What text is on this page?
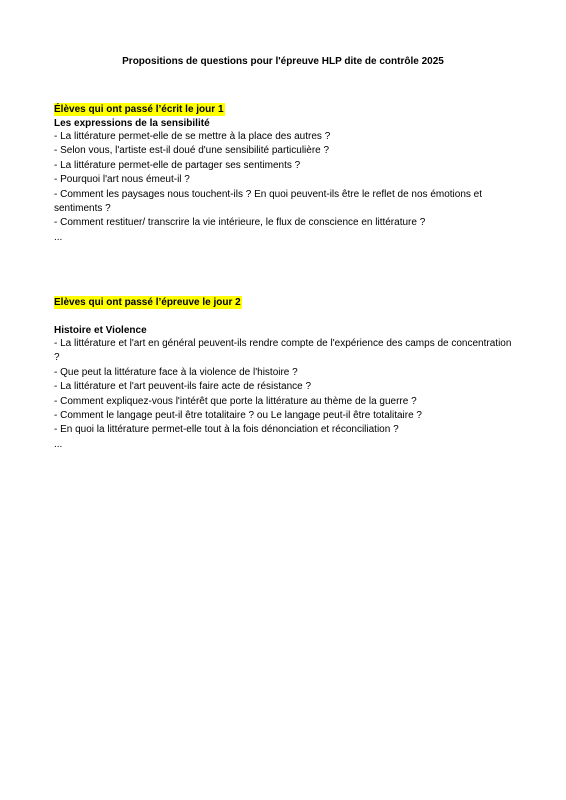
Propositions de questions pour l'épreuve HLP dite de contrôle 2025
Élèves qui ont passé l’écrit le jour 1

Les expressions de la sensibilité

- La littérature permet-elle de se mettre à la place des autres ?
- Selon vous, l'artiste est-il doué d'une sensibilité particulière ?
- La littérature permet-elle de partager ses sentiments ?
- Pourquoi l'art nous émeut-il ?
- Comment les paysages nous touchent-ils ? En quoi peuvent-ils être le reflet de nos émotions et sentiments ?
- Comment restituer/ transcrire la vie intérieure, le flux de conscience en littérature ?
...
Elèves qui ont passé l’épreuve le jour 2

Histoire et Violence

- La littérature et l'art en général peuvent-ils rendre compte de l'expérience des camps de concentration ?
- Que peut la littérature face à la violence de l'histoire ?
- La littérature et l'art peuvent-ils faire acte de résistance ?
- Comment expliquez-vous l'intérêt que porte la littérature au thème de la guerre ?
- Comment le langage peut-il être totalitaire ? ou Le langage peut-il être totalitaire ?
- En quoi la littérature permet-elle tout à la fois dénonciation et réconciliation ?
...
